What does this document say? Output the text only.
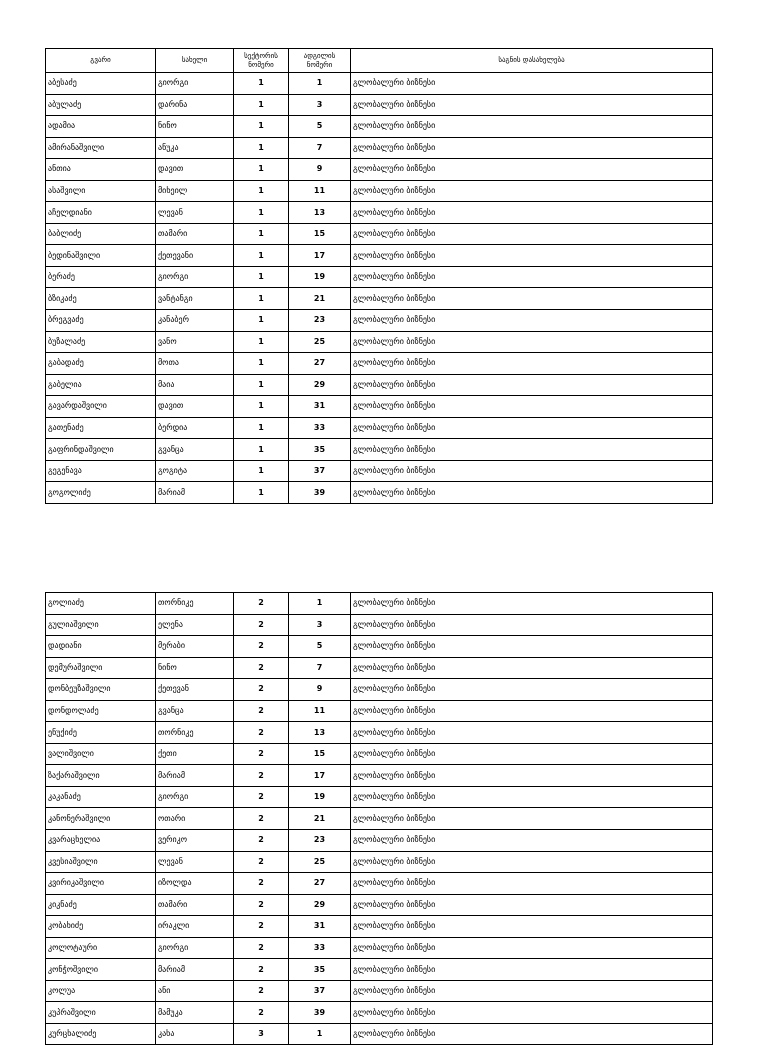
გვარი	სახელი	სექტორის ნომერი	ადგილის ნომერი	საგნის დასახელება
აბესაძე	გიორგი	1	1	გლობალური ბიზნესი
აბულაძე	დარინა	1	3	გლობალური ბიზნესი
ადამია	ნინო	1	5	გლობალური ბიზნესი
ამირანაშვილი	ანუკა	1	7	გლობალური ბიზნესი
ანთია	დავით	1	9	გლობალური ბიზნესი
ასაშვილი	მიხეილ	1	11	გლობალური ბიზნესი
აჩელდიანი	ლევან	1	13	გლობალური ბიზნესი
ბაბლიძე	თამარი	1	15	გლობალური ბიზნესი
ბედინაშვილი	ქეთევანი	1	17	გლობალური ბიზნესი
ბერაძე	გიორგი	1	19	გლობალური ბიზნესი
ბზიკაძე	ვანტანგი	1	21	გლობალური ბიზნესი
ბრეგვაძე	კანაბერ	1	23	გლობალური ბიზნესი
ბუზალაძე	ვანო	1	25	გლობალური ბიზნესი
გაბადაძე	მოთა	1	27	გლობალური ბიზნესი
გაბელია	მაია	1	29	გლობალური ბიზნესი
გავარდაშვილი	დავით	1	31	გლობალური ბიზნესი
გათენაძე	ბერდია	1	33	გლობალური ბიზნესი
გაფრინდაშვილი	გვანცა	1	35	გლობალური ბიზნესი
გეგენავა	გოგიტა	1	37	გლობალური ბიზნესი
გოგოლიძე	მარიამ	1	39	გლობალური ბიზნესი
გოლიაძე	თორნიკე	2	1	გლობალური ბიზნესი
გულიაშვილი	ელენა	2	3	გლობალური ბიზნესი
დადიანი	მერაბი	2	5	გლობალური ბიზნესი
დემურაშვილი	ნინო	2	7	გლობალური ბიზნესი
დონბეუზაშვილი	ქეთევან	2	9	გლობალური ბიზნესი
დონდოლაძე	გვანცა	2	11	გლობალური ბიზნესი
ენუქიძე	თორნიკე	2	13	გლობალური ბიზნესი
ვალიშვილი	ქეთი	2	15	გლობალური ბიზნესი
ზაქარაშვილი	მარიამ	2	17	გლობალური ბიზნესი
კაკანაძე	გიორგი	2	19	გლობალური ბიზნესი
კანონერაშვილი	ოთარი	2	21	გლობალური ბიზნესი
კვარაცხელია	ვერიკო	2	23	გლობალური ბიზნესი
კვესიაშვილი	ლევან	2	25	გლობალური ბიზნესი
კვირიკაშვილი	იზოლდა	2	27	გლობალური ბიზნესი
კიკნაძე	თამარი	2	29	გლობალური ბიზნესი
კობახიძე	ირაკლი	2	31	გლობალური ბიზნესი
კოლოტაური	გიორგი	2	33	გლობალური ბიზნესი
კონჭოშვილი	მარიამ	2	35	გლობალური ბიზნესი
კოლუა	ანი	2	37	გლობალური ბიზნესი
კუპრაშვილი	მამუკა	2	39	გლობალური ბიზნესი
კურცხალიძე	კახა	3	1	გლობალური ბიზნესი
